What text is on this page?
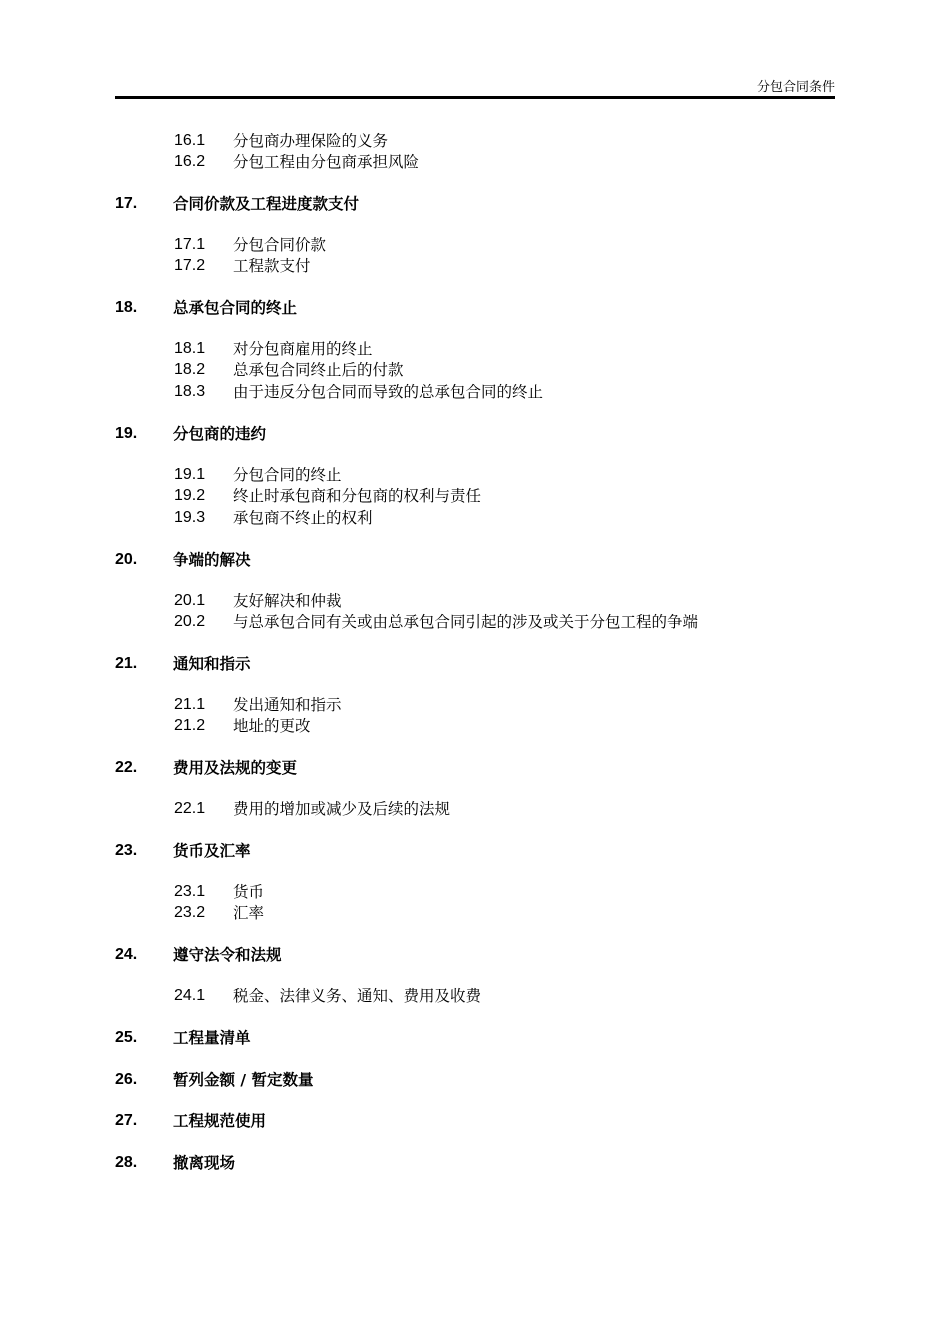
分包合同条件
16.1 分包商办理保险的义务
16.2 分包工程由分包商承担风险
17. 合同价款及工程进度款支付
17.1 分包合同价款
17.2 工程款支付
18. 总承包合同的终止
18.1 对分包商雇用的终止
18.2 总承包合同终止后的付款
18.3 由于违反分包合同而导致的总承包合同的终止
19. 分包商的违约
19.1 分包合同的终止
19.2 终止时承包商和分包商的权利与责任
19.3 承包商不终止的权利
20. 争端的解决
20.1 友好解决和仲裁
20.2 与总承包合同有关或由总承包合同引起的涉及或关于分包工程的争端
21. 通知和指示
21.1 发出通知和指示
21.2 地址的更改
22. 费用及法规的变更
22.1 费用的增加或减少及后续的法规
23. 货币及汇率
23.1 货币
23.2 汇率
24. 遵守法令和法规
24.1 税金、法律义务、通知、费用及收费
25. 工程量清单
26. 暂列金额 / 暂定数量
27. 工程规范使用
28. 撤离现场
